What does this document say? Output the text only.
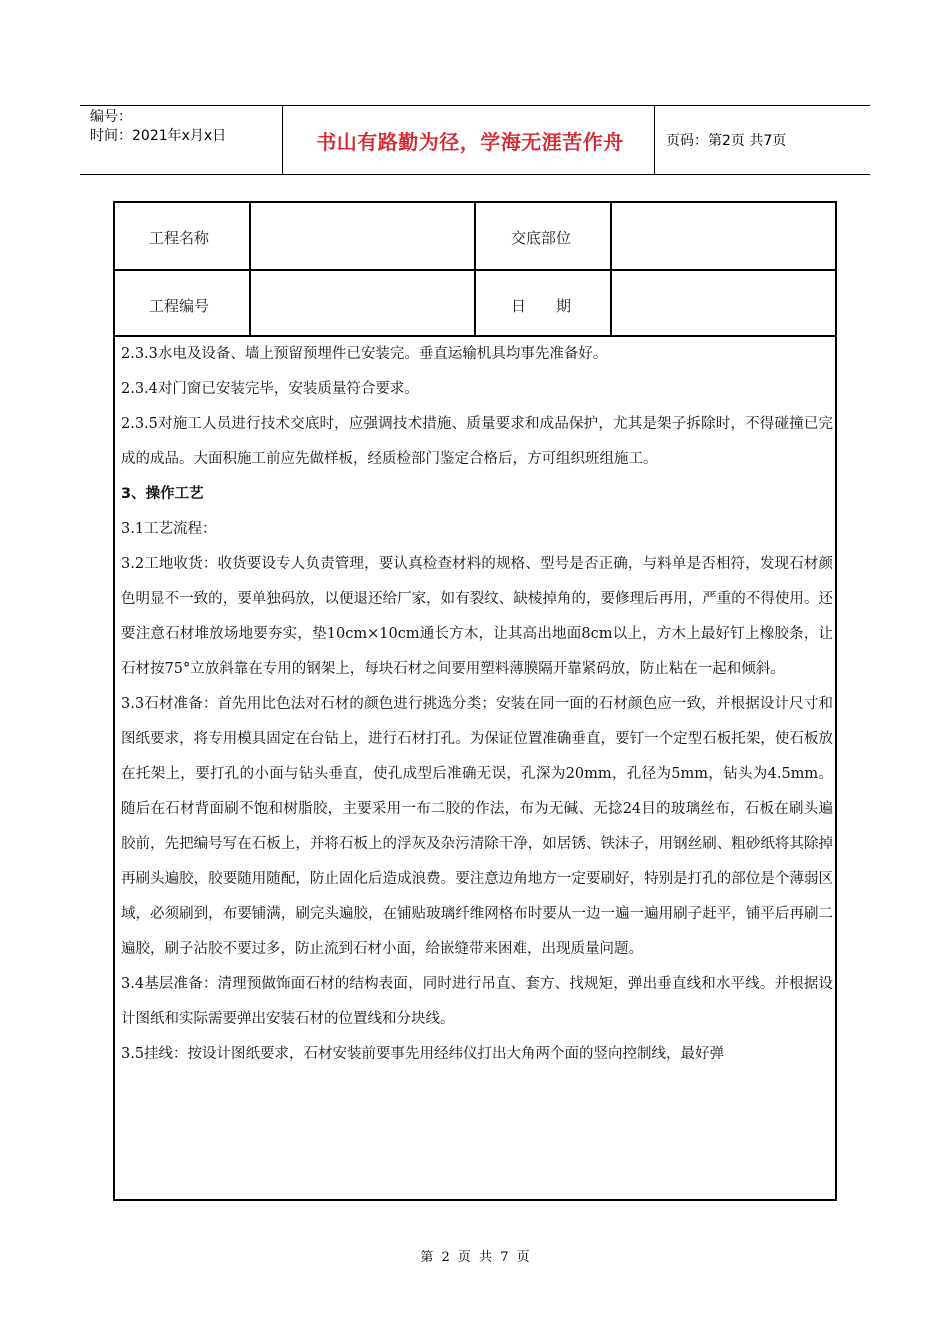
编号：
时间：2021年x月x日	书山有路勤为径，学海无涯苦作舟	页码：第2页 共7页
工程名称	交底部位
工程编号	日　　期

2.3.3水电及设备、墙上预留预埋件已安装完。垂直运输机具均事先准备好。

2.3.4对门窗已安装完毕，安装质量符合要求。

2.3.5对施工人员进行技术交底时，应强调技术措施、质量要求和成品保护，尤其是架子拆除时，不得碰撞已完成的成品。大面积施工前应先做样板，经质检部门鉴定合格后，方可组织班组施工。

3、操作工艺

3.1工艺流程：

3.2工地收货：收货要设专人负责管理，要认真检查材料的规格、型号是否正确，与料单是否相符，发现石材颜色明显不一致的，要单独码放，以便退还给厂家，如有裂纹、缺棱掉角的，要修理后再用，严重的不得使用。还要注意石材堆放场地要夯实，垫10cm×10cm通长方木，让其高出地面8cm以上，方木上最好钉上橡胶条，让石材按75°立放斜靠在专用的钢架上，每块石材之间要用塑料薄膜隔开靠紧码放，防止粘在一起和倾斜。

3.3石材准备：首先用比色法对石材的颜色进行挑选分类；安装在同一面的石材颜色应一致，并根据设计尺寸和图纸要求，将专用模具固定在台钻上，进行石材打孔。为保证位置准确垂直，要钉一个定型石板托架，使石板放在托架上，要打孔的小面与钻头垂直，使孔成型后准确无误，孔深为20mm，孔径为5mm，钻头为4.5mm。随后在石材背面刷不饱和树脂胶，主要采用一布二胶的作法，布为无碱、无捻24目的玻璃丝布，石板在刷头遍胶前，先把编号写在石板上，并将石板上的浮灰及杂污清除干净，如居锈、铁沫子，用钢丝刷、粗砂纸将其除掉再刷头遍胶，胶要随用随配，防止固化后造成浪费。要注意边角地方一定要刷好，特别是打孔的部位是个薄弱区域，必须刷到，布要铺满，刷完头遍胶，在铺贴玻璃纤维网格布时要从一边一遍一遍用刷子赶平，铺平后再刷二遍胶，刷子沾胶不要过多，防止流到石材小面，给嵌缝带来困难，出现质量问题。

3.4基层准备：清理预做饰面石材的结构表面，同时进行吊直、套方、找规矩，弹出垂直线和水平线。并根据设计图纸和实际需要弹出安装石材的位置线和分块线。

3.5挂线：按设计图纸要求，石材安装前要事先用经纬仪打出大角两个面的竖向控制线，最好弹

第 2 页 共 7 页
